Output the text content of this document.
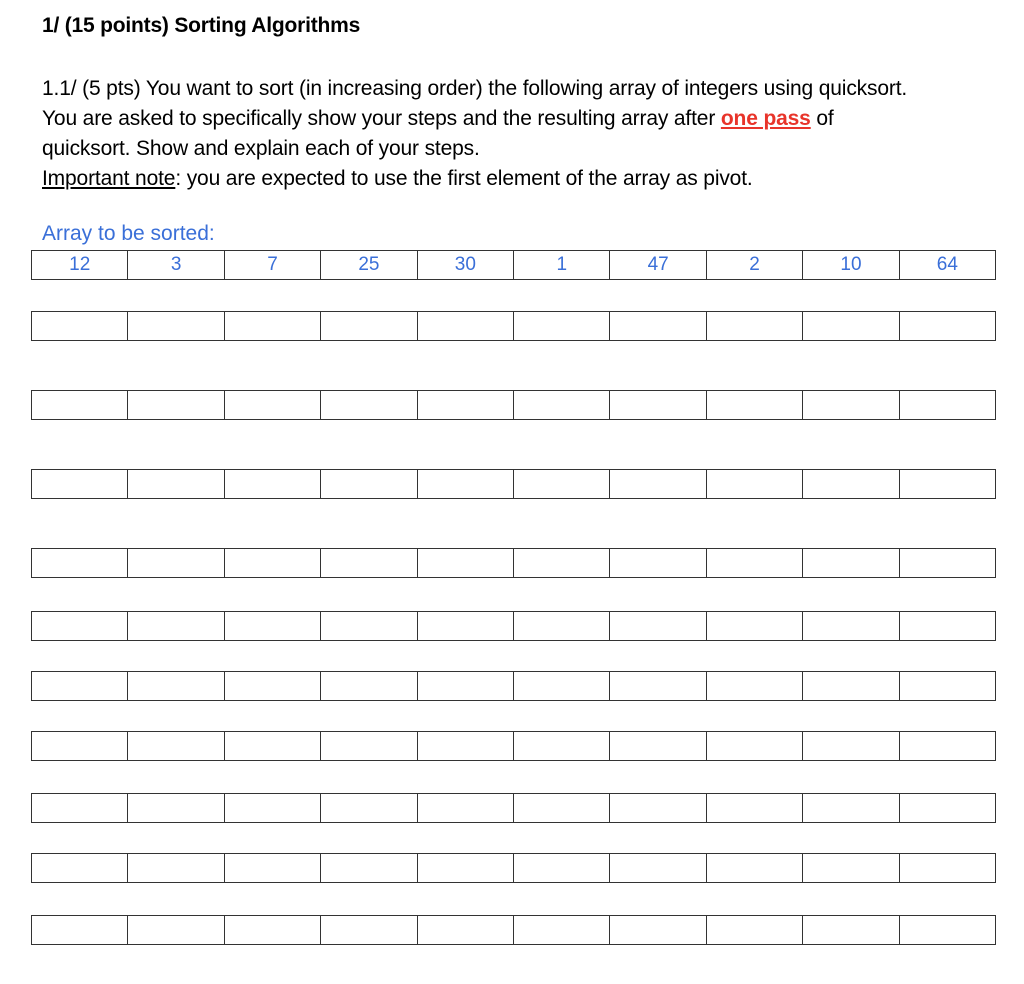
1/ (15 points) Sorting Algorithms
1.1/ (5 pts) You want to sort (in increasing order) the following array of integers using quicksort.
You are asked to specifically show your steps and the resulting array after one pass of
quicksort. Show and explain each of your steps.
Important note: you are expected to use the first element of the array as pivot.
Array to be sorted:
12	3	7	25	30	1	47	2	10	64
